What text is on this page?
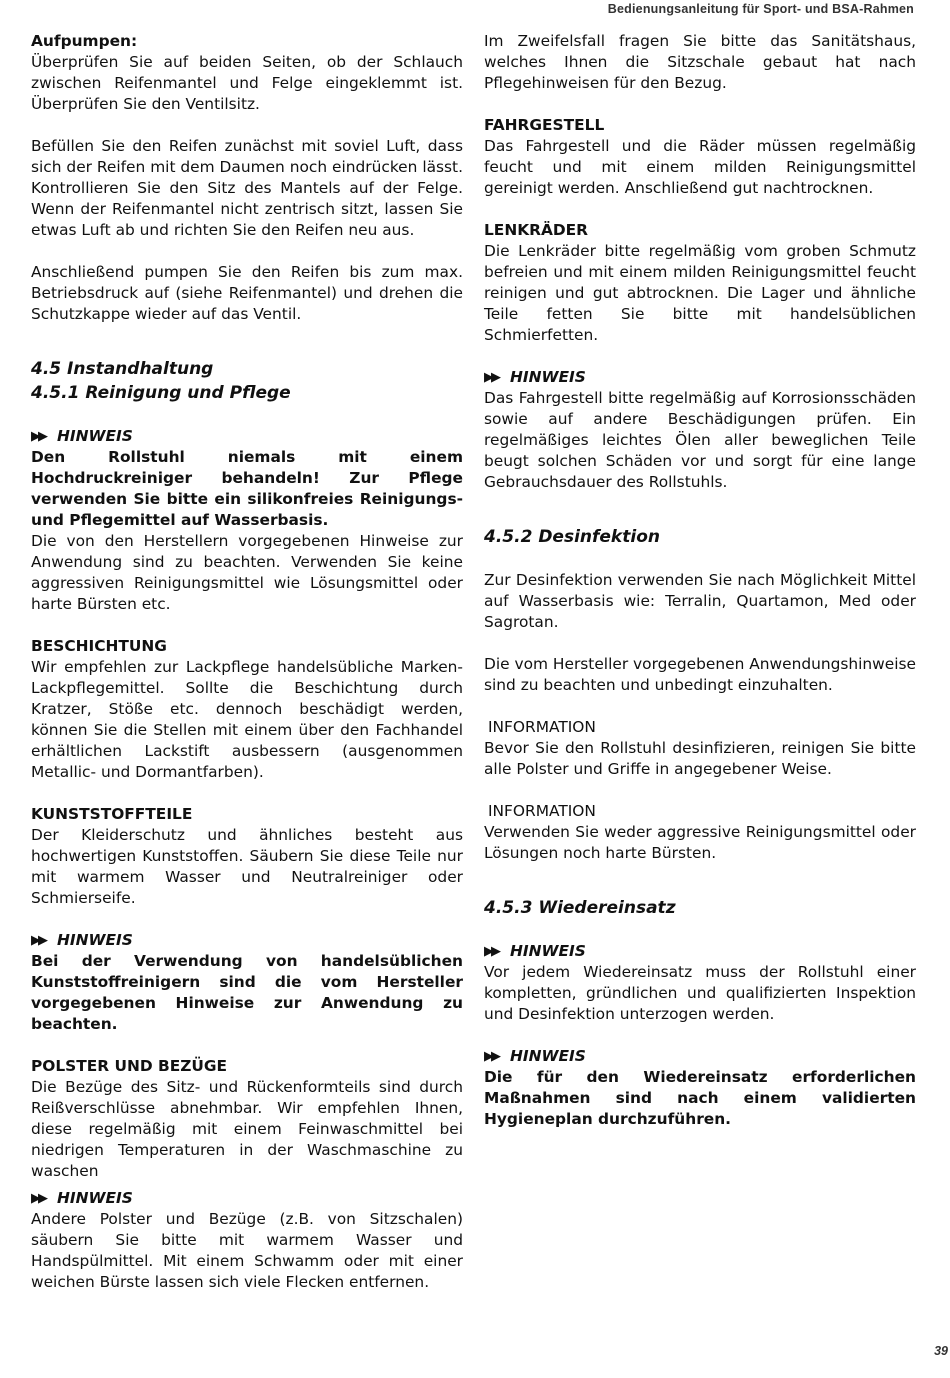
Bedienungsanleitung für Sport- und BSA-Rahmen
Aufpumpen:
Überprüfen Sie auf beiden Seiten, ob der Schlauch zwischen Reifenmantel und Felge eingeklemmt ist. Überprüfen Sie den Ventilsitz.
Befüllen Sie den Reifen zunächst mit soviel Luft, dass sich der Reifen mit dem Daumen noch eindrücken lässt. Kontrollieren Sie den Sitz des Mantels auf der Felge. Wenn der Reifenmantel nicht zentrisch sitzt, lassen Sie etwas Luft ab und richten Sie den Reifen neu aus.
Anschließend pumpen Sie den Reifen bis zum max. Betriebsdruck auf (siehe Reifenmantel) und drehen die Schutzkappe wieder auf das Ventil.
4.5 Instandhaltung
4.5.1 Reinigung und Pflege
▶▶ HINWEIS
Den Rollstuhl niemals mit einem Hochdruckreiniger behandeln! Zur Pflege verwenden Sie bitte ein silikonfreies Reinigungs- und Pflegemittel auf Wasserbasis.
Die von den Herstellern vorgegebenen Hinweise zur Anwendung sind zu beachten. Verwenden Sie keine aggressiven Reinigungsmittel wie Lösungsmittel oder harte Bürsten etc.
BESCHICHTUNG
Wir empfehlen zur Lackpflege handelsübliche Marken-Lackpflegemittel. Sollte die Beschichtung durch Kratzer, Stöße etc. dennoch beschädigt werden, können Sie die Stellen mit einem über den Fachhandel erhältlichen Lackstift ausbessern (ausgenommen Metallic- und Dormantfarben).
KUNSTSTOFFTEILE
Der Kleiderschutz und ähnliches besteht aus hochwertigen Kunststoffen. Säubern Sie diese Teile nur mit warmem Wasser und Neutralreiniger oder Schmierseife.
▶▶ HINWEIS
Bei der Verwendung von handelsüblichen Kunststoffreinigern sind die vom Hersteller vorgegebenen Hinweise zur Anwendung zu beachten.
POLSTER UND BEZÜGE
Die Bezüge des Sitz- und Rückenformteils sind durch Reißverschlüsse abnehmbar. Wir empfehlen Ihnen, diese regelmäßig mit einem Feinwaschmittel bei niedrigen Temperaturen in der Waschmaschine zu waschen
▶▶ HINWEIS
Andere Polster und Bezüge (z.B. von Sitzschalen) säubern Sie bitte mit warmem Wasser und Handspülmittel. Mit einem Schwamm oder mit einer weichen Bürste lassen sich viele Flecken entfernen.
Im Zweifelsfall fragen Sie bitte das Sanitätshaus, welches Ihnen die Sitzschale gebaut hat nach Pflegehinweisen für den Bezug.
FAHRGESTELL
Das Fahrgestell und die Räder müssen regelmäßig feucht und mit einem milden Reinigungsmittel gereinigt werden. Anschließend gut nachtrocknen.
LENKRÄDER
Die Lenkräder bitte regelmäßig vom groben Schmutz befreien und mit einem milden Reinigungsmittel feucht reinigen und gut abtrocknen. Die Lager und ähnliche Teile fetten Sie bitte mit handelsüblichen Schmierfetten.
▶▶ HINWEIS
Das Fahrgestell bitte regelmäßig auf Korrosionsschäden sowie auf andere Beschädigungen prüfen. Ein regelmäßiges leichtes Ölen aller beweglichen Teile beugt solchen Schäden vor und sorgt für eine lange Gebrauchsdauer des Rollstuhls.
4.5.2 Desinfektion
Zur Desinfektion verwenden Sie nach Möglichkeit Mittel auf Wasserbasis wie: Terralin, Quartamon, Med oder Sagrotan.
Die vom Hersteller vorgegebenen Anwendungshinweise sind zu beachten und unbedingt einzuhalten.
INFORMATION
Bevor Sie den Rollstuhl desinfizieren, reinigen Sie bitte alle Polster und Griffe in angegebener Weise.
INFORMATION
Verwenden Sie weder aggressive Reinigungsmittel oder Lösungen noch harte Bürsten.
4.5.3 Wiedereinsatz
▶▶ HINWEIS
Vor jedem Wiedereinsatz muss der Rollstuhl einer kompletten, gründlichen und qualifizierten Inspektion und Desinfektion unterzogen werden.
▶▶ HINWEIS
Die für den Wiedereinsatz erforderlichen Maßnahmen sind nach einem validierten Hygieneplan durchzuführen.
39
